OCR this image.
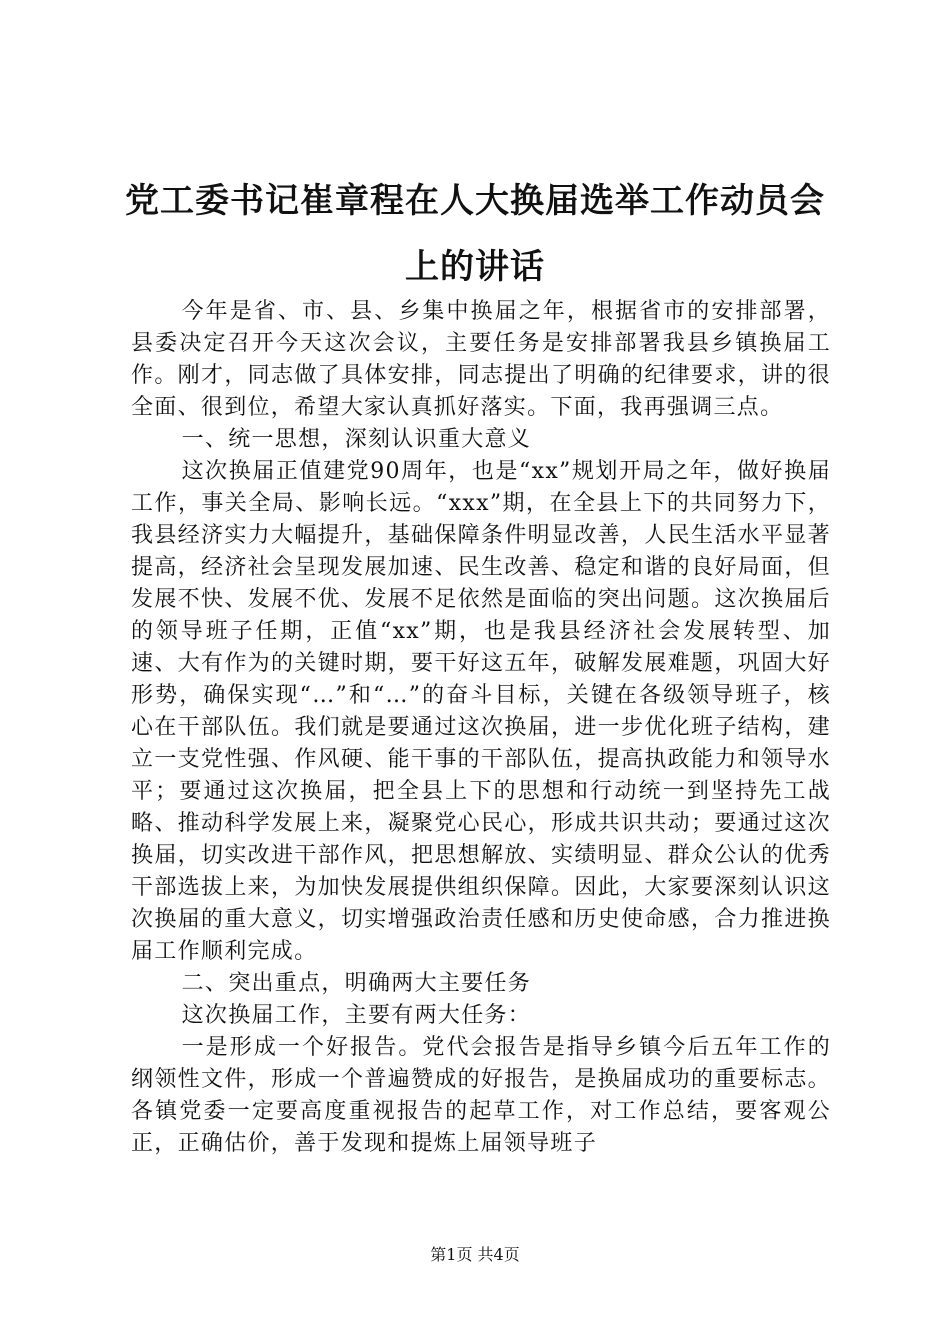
党工委书记崔章程在人大换届选举工作动员会上的讲话

今年是省、市、县、乡集中换届之年，根据省市的安排部署，县委决定召开今天这次会议，主要任务是安排部署我县乡镇换届工作。刚才，同志做了具体安排，同志提出了明确的纪律要求，讲的很全面、很到位，希望大家认真抓好落实。下面，我再强调三点。

一、统一思想，深刻认识重大意义

这次换届正值建党90周年，也是“xx”规划开局之年，做好换届工作，事关全局、影响长远。“xxx”期，在全县上下的共同努力下，我县经济实力大幅提升，基础保障条件明显改善，人民生活水平显著提高，经济社会呈现发展加速、民生改善、稳定和谐的良好局面，但发展不快、发展不优、发展不足依然是面临的突出问题。这次换届后的领导班子任期，正值“xx”期，也是我县经济社会发展转型、加速、大有作为的关键时期，要干好这五年，破解发展难题，巩固大好形势，确保实现“…”和“…”的奋斗目标，关键在各级领导班子，核心在干部队伍。我们就是要通过这次换届，进一步优化班子结构，建立一支党性强、作风硬、能干事的干部队伍，提高执政能力和领导水平；要通过这次换届，把全县上下的思想和行动统一到坚持先工战略、推动科学发展上来，凝聚党心民心，形成共识共动；要通过这次换届，切实改进干部作风，把思想解放、实绩明显、群众公认的优秀干部选拔上来，为加快发展提供组织保障。因此，大家要深刻认识这次换届的重大意义，切实增强政治责任感和历史使命感，合力推进换届工作顺利完成。

二、突出重点，明确两大主要任务

这次换届工作，主要有两大任务：

一是形成一个好报告。党代会报告是指导乡镇今后五年工作的纲领性文件，形成一个普遍赞成的好报告，是换届成功的重要标志。各镇党委一定要高度重视报告的起草工作，对工作总结，要客观公正，正确估价，善于发现和提炼上届领导班子

第1页 共4页
